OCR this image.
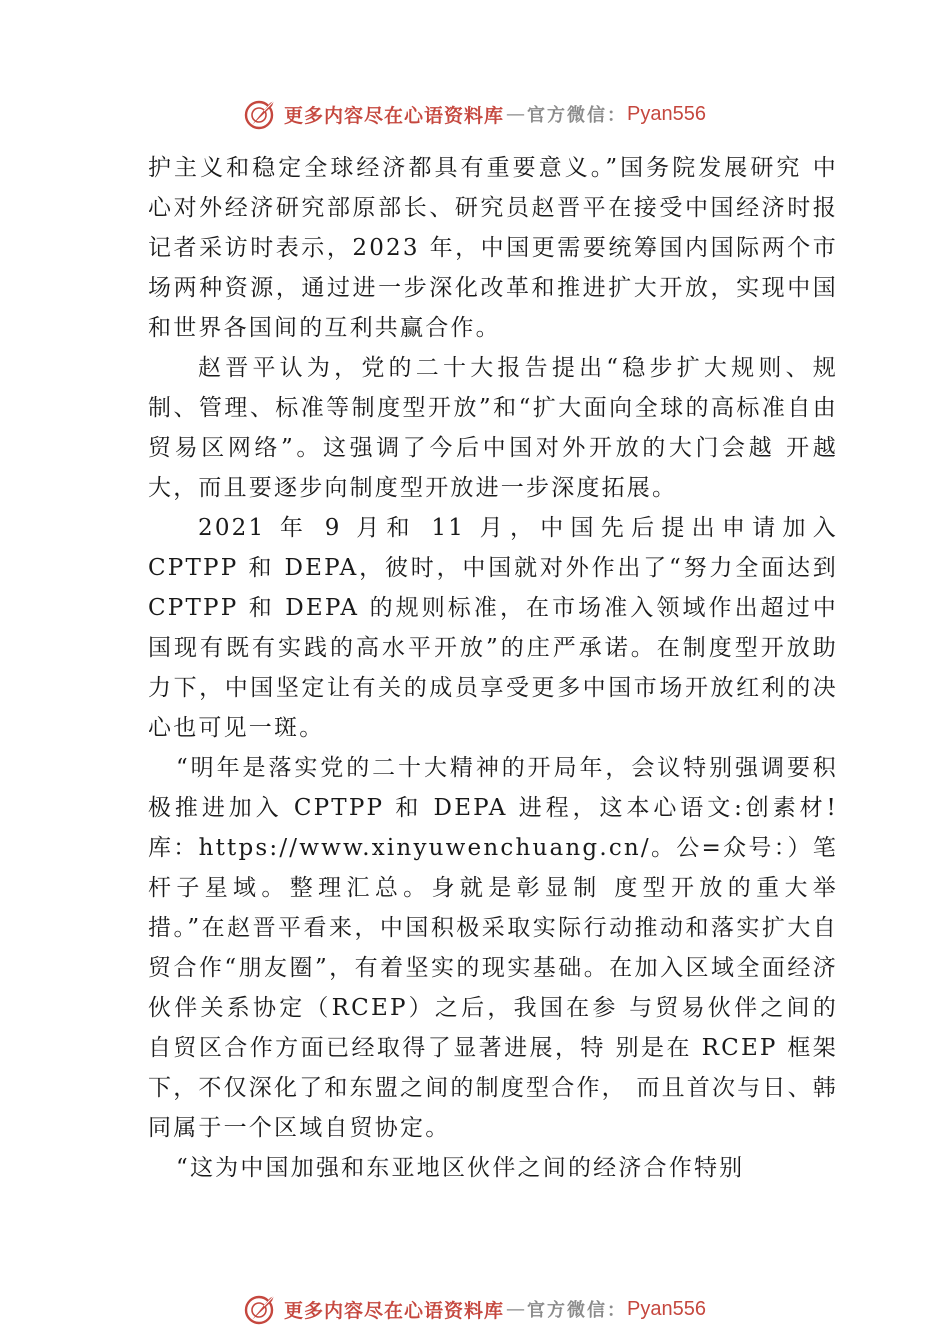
更多内容尽在心语资料库 — 官方微信： Pyan556

护主义和稳定全球经济都具有重要意义。”国务院发展研究 中心对外经济研究部原部长、研究员赵晋平在接受中国经济时报记者采访时表示，2023 年，中国更需要统筹国内国际两个市场两种资源，通过进一步深化改革和推进扩大开放，实现中国和世界各国间的互利共赢合作。

赵晋平认为，党的二十大报告提出“稳步扩大规则、规制、管理、标准等制度型开放”和“扩大面向全球的高标准自由贸易区网络”。这强调了今后中国对外开放的大门会越 开越大，而且要逐步向制度型开放进一步深度拓展。

2021 年 9 月和 11 月，中国先后提出申请加入 CPTPP 和 DEPA，彼时，中国就对外作出了“努力全面达到 CPTPP 和 DEPA 的规则标准，在市场准入领域作出超过中国现有既有实践的高水平开放”的庄严承诺。在制度型开放助力下，中国坚定让有关的成员享受更多中国市场开放红利的决心也可见一斑。

“明年是落实党的二十大精神的开局年，会议特别强调要积极推进加入 CPTPP 和 DEPA 进程，这本心语文:创素材!库：https://www.xinyuwenchuang.cn/。公=众号：）笔杆子星域。整理汇总。身就是彰显制 度型开放的重大举措。”在赵晋平看来，中国积极采取实际行动推动和落实扩大自贸合作“朋友圈”，有着坚实的现实基础。在加入区域全面经济伙伴关系协定（RCEP）之后，我国在参 与贸易伙伴之间的自贸区合作方面已经取得了显著进展，特 别是在 RCEP 框架下，不仅深化了和东盟之间的制度型合作， 而且首次与日、韩同属于一个区域自贸协定。

“这为中国加强和东亚地区伙伴之间的经济合作特别

更多内容尽在心语资料库 — 官方微信： Pyan556
